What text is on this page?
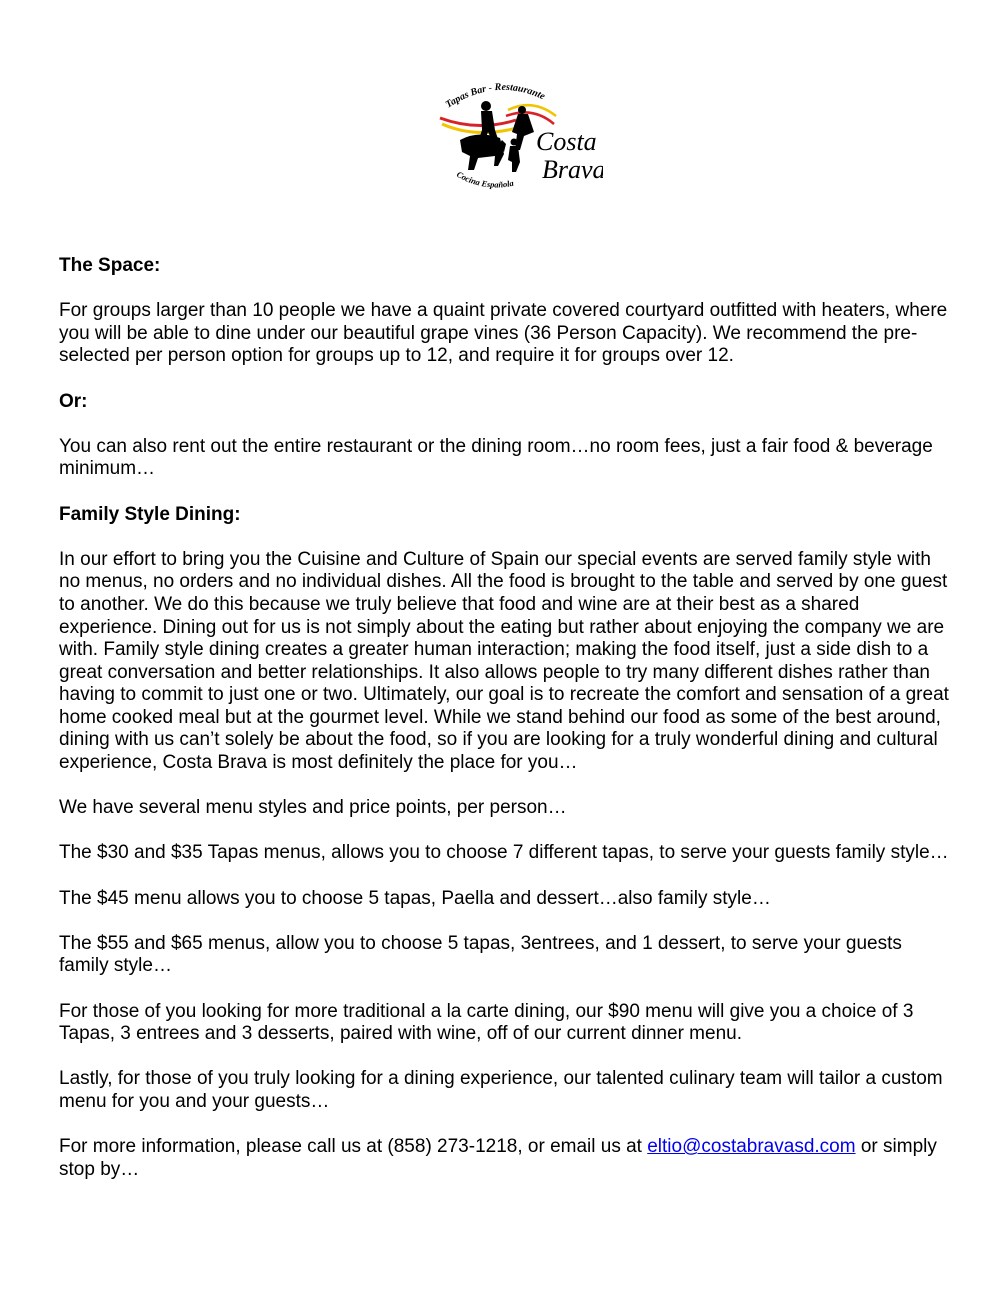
Tapas Bar - Restaurante
Costa
Brava
Cocina Española

The Space:

For groups larger than 10 people we have a quaint private covered courtyard outfitted with heaters, where you will be able to dine under our beautiful grape vines (36 Person Capacity). We recommend the pre-selected per person option for groups up to 12, and require it for groups over 12.

Or:

You can also rent out the entire restaurant or the dining room…no room fees, just a fair food & beverage minimum…

Family Style Dining:

In our effort to bring you the Cuisine and Culture of Spain our special events are served family style with no menus, no orders and no individual dishes. All the food is brought to the table and served by one guest to another. We do this because we truly believe that food and wine are at their best as a shared experience. Dining out for us is not simply about the eating but rather about enjoying the company we are with. Family style dining creates a greater human interaction; making the food itself, just a side dish to a great conversation and better relationships. It also allows people to try many different dishes rather than having to commit to just one or two. Ultimately, our goal is to recreate the comfort and sensation of a great home cooked meal but at the gourmet level. While we stand behind our food as some of the best around, dining with us can’t solely be about the food, so if you are looking for a truly wonderful dining and cultural experience, Costa Brava is most definitely the place for you…

We have several menu styles and price points, per person…

The $30 and $35 Tapas menus, allows you to choose 7 different tapas, to serve your guests family style…

The $45 menu allows you to choose 5 tapas, Paella and dessert…also family style…

The $55 and $65 menus, allow you to choose 5 tapas, 3entrees, and 1 dessert, to serve your guests family style…

For those of you looking for more traditional a la carte dining, our $90 menu will give you a choice of 3 Tapas, 3 entrees and 3 desserts, paired with wine, off of our current dinner menu.

Lastly, for those of you truly looking for a dining experience, our talented culinary team will tailor a custom menu for you and your guests…

For more information, please call us at (858) 273-1218, or email us at eltio@costabravasd.com or simply stop by…
